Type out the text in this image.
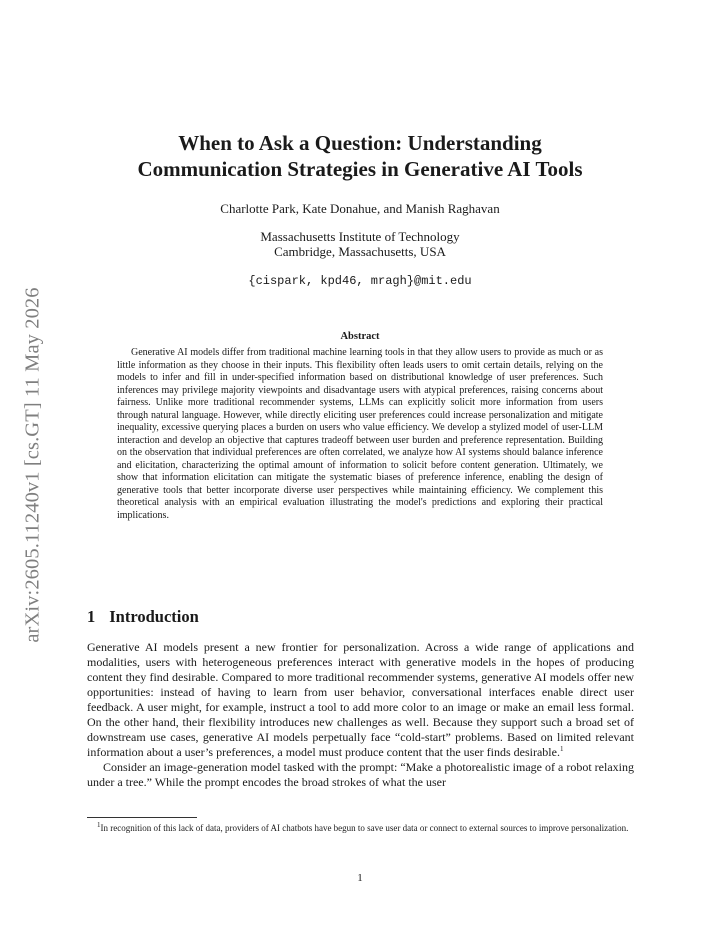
arXiv:2605.11240v1 [cs.GT] 11 May 2026
When to Ask a Question: Understanding
Communication Strategies in Generative AI Tools
Charlotte Park, Kate Donahue, and Manish Raghavan
Massachusetts Institute of Technology
Cambridge, Massachusetts, USA
{cispark, kpd46, mragh}@mit.edu
Abstract

Generative AI models differ from traditional machine learning tools in that they allow users to provide as much or as little information as they choose in their inputs. This flexibility often leads users to omit certain details, relying on the models to infer and fill in under-specified information based on distributional knowledge of user preferences. Such inferences may privilege majority viewpoints and disadvantage users with atypical preferences, raising concerns about fairness. Unlike more traditional recommender systems, LLMs can explicitly solicit more information from users through natural language. However, while directly eliciting user preferences could increase personalization and mitigate inequality, excessive querying places a burden on users who value efficiency. We develop a stylized model of user-LLM interaction and develop an objective that captures tradeoff between user burden and preference representation. Building on the observation that individual preferences are often correlated, we analyze how AI systems should balance inference and elicitation, characterizing the optimal amount of information to solicit before content generation. Ultimately, we show that information elicitation can mitigate the systematic biases of preference inference, enabling the design of generative tools that better incorporate diverse user perspectives while maintaining efficiency. We complement this theoretical analysis with an empirical evaluation illustrating the model's predictions and exploring their practical implications.

1 Introduction

Generative AI models present a new frontier for personalization. Across a wide range of applications and modalities, users with heterogeneous preferences interact with generative models in the hopes of producing content they find desirable. Compared to more traditional recommender systems, generative AI models offer new opportunities: instead of having to learn from user behavior, conversational interfaces enable direct user feedback. A user might, for example, instruct a tool to add more color to an image or make an email less formal. On the other hand, their flexibility introduces new challenges as well. Because they support such a broad set of downstream use cases, generative AI models perpetually face “cold-start” problems. Based on limited relevant information about a user’s preferences, a model must produce content that the user finds desirable.$^1$

Consider an image-generation model tasked with the prompt: “Make a photorealistic image of a robot relaxing under a tree.” While the prompt encodes the broad strokes of what the user

$^1$In recognition of this lack of data, providers of AI chatbots have begun to save user data or connect to external sources to improve personalization.
1
